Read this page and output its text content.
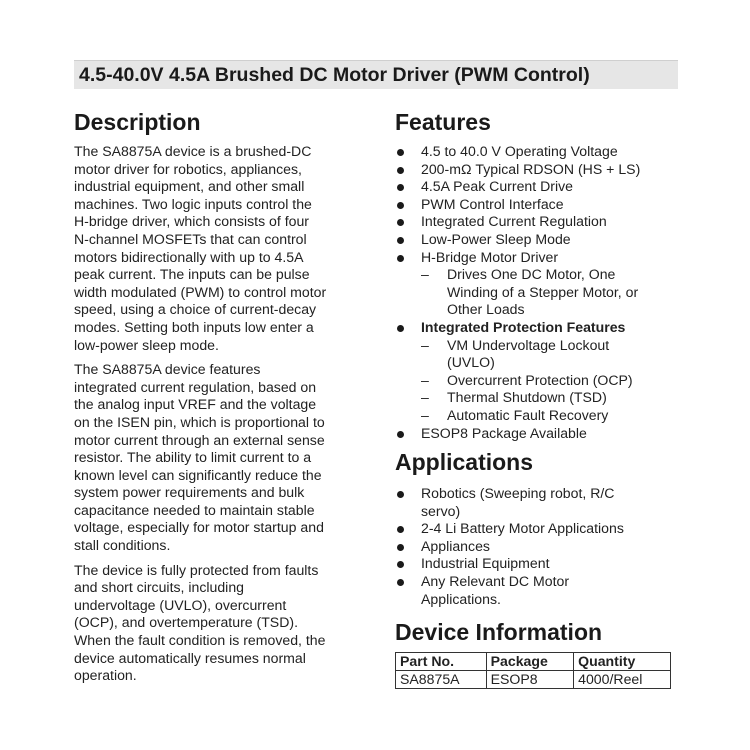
4.5-40.0V 4.5A Brushed DC Motor Driver (PWM Control)
Description

The SA8875A device is a brushed-DC
motor driver for robotics, appliances,
industrial equipment, and other small
machines. Two logic inputs control the
H-bridge driver, which consists of four
N-channel MOSFETs that can control
motors bidirectionally with up to 4.5A
peak current. The inputs can be pulse
width modulated (PWM) to control motor
speed, using a choice of current-decay
modes. Setting both inputs low enter a
low-power sleep mode.

The SA8875A device features
integrated current regulation, based on
the analog input VREF and the voltage
on the ISEN pin, which is proportional to
motor current through an external sense
resistor. The ability to limit current to a
known level can significantly reduce the
system power requirements and bulk
capacitance needed to maintain stable
voltage, especially for motor startup and
stall conditions.

The device is fully protected from faults
and short circuits, including
undervoltage (UVLO), overcurrent
(OCP), and overtemperature (TSD).
When the fault condition is removed, the
device automatically resumes normal
operation.

Features
4.5 to 40.0 V Operating Voltage
200-mΩ Typical RDSON (HS + LS)
4.5A Peak Current Drive
PWM Control Interface
Integrated Current Regulation
Low-Power Sleep Mode
H-Bridge Motor Driver
– Drives One DC Motor, One
Winding of a Stepper Motor, or
Other Loads
Integrated Protection Features
– VM Undervoltage Lockout
(UVLO)
– Overcurrent Protection (OCP)
– Thermal Shutdown (TSD)
– Automatic Fault Recovery
ESOP8 Package Available
Applications
Robotics (Sweeping robot, R/C
servo)
2-4 Li Battery Motor Applications
Appliances
Industrial Equipment
Any Relevant DC Motor
Applications.
Device Information
Part No.	Package	Quantity
SA8875A	ESOP8	4000/Reel
